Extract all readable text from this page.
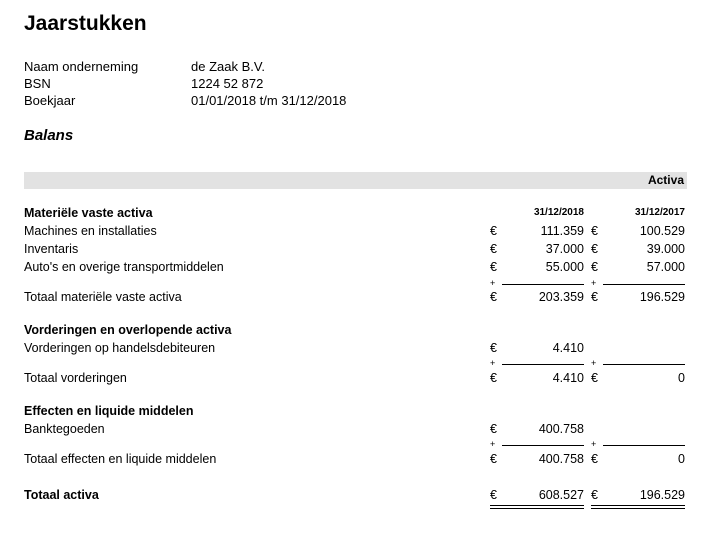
Jaarstukken
Naam onderneming	de Zaak B.V.
BSN	1224 52 872
Boekjaar	01/01/2018 t/m 31/12/2018
Balans
Activa
31/12/2018	31/12/2017
Materiële vaste activa
Machines en installaties	€	111.359 €	100.529
Inventaris	€	37.000 €	39.000
Auto's en overige transportmiddelen	€	55.000 €	57.000
+	+
Totaal materiële vaste activa	€	203.359 €	196.529
Vorderingen en overlopende activa
Vorderingen op handelsdebiteuren	€	4.410
+	+
Totaal vorderingen	€	4.410 €	0
Effecten en liquide middelen
Banktegoeden	€	400.758
+	+
Totaal effecten en liquide middelen	€	400.758 €	0
Totaal activa	€	608.527 €	196.529
